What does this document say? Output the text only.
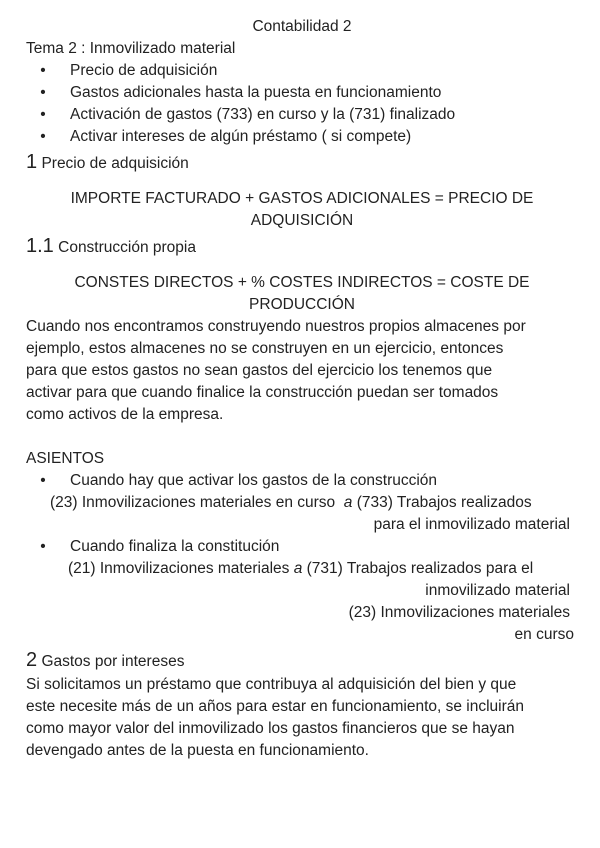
Contabilidad 2

Tema 2 : Inmovilizado material

• Precio de adquisición
• Gastos adicionales hasta la puesta en funcionamiento
• Activación de gastos (733) en curso y la (731) finalizado
• Activar intereses de algún préstamo ( si compete)

1 Precio de adquisición

IMPORTE FACTURADO + GASTOS ADICIONALES = PRECIO DE
ADQUISICIÓN

1.1 Construcción propia

CONSTES DIRECTOS + % COSTES INDIRECTOS = COSTE DE
PRODUCCIÓN

Cuando nos encontramos construyendo nuestros propios almacenes por
ejemplo, estos almacenes no se construyen en un ejercicio, entonces
para que estos gastos no sean gastos del ejercicio los tenemos que
activar para que cuando finalice la construcción puedan ser tomados
como activos de la empresa.

ASIENTOS

• Cuando hay que activar los gastos de la construcción
(23) Inmovilizaciones materiales en curso a (733) Trabajos realizados
para el inmovilizado material
• Cuando finaliza la constitución
(21) Inmovilizaciones materiales a (731) Trabajos realizados para el
inmovilizado material
(23) Inmovilizaciones materiales
en curso

2 Gastos por intereses

Si solicitamos un préstamo que contribuya al adquisición del bien y que
este necesite más de un años para estar en funcionamiento, se incluirán
como mayor valor del inmovilizado los gastos financieros que se hayan
devengado antes de la puesta en funcionamiento.
